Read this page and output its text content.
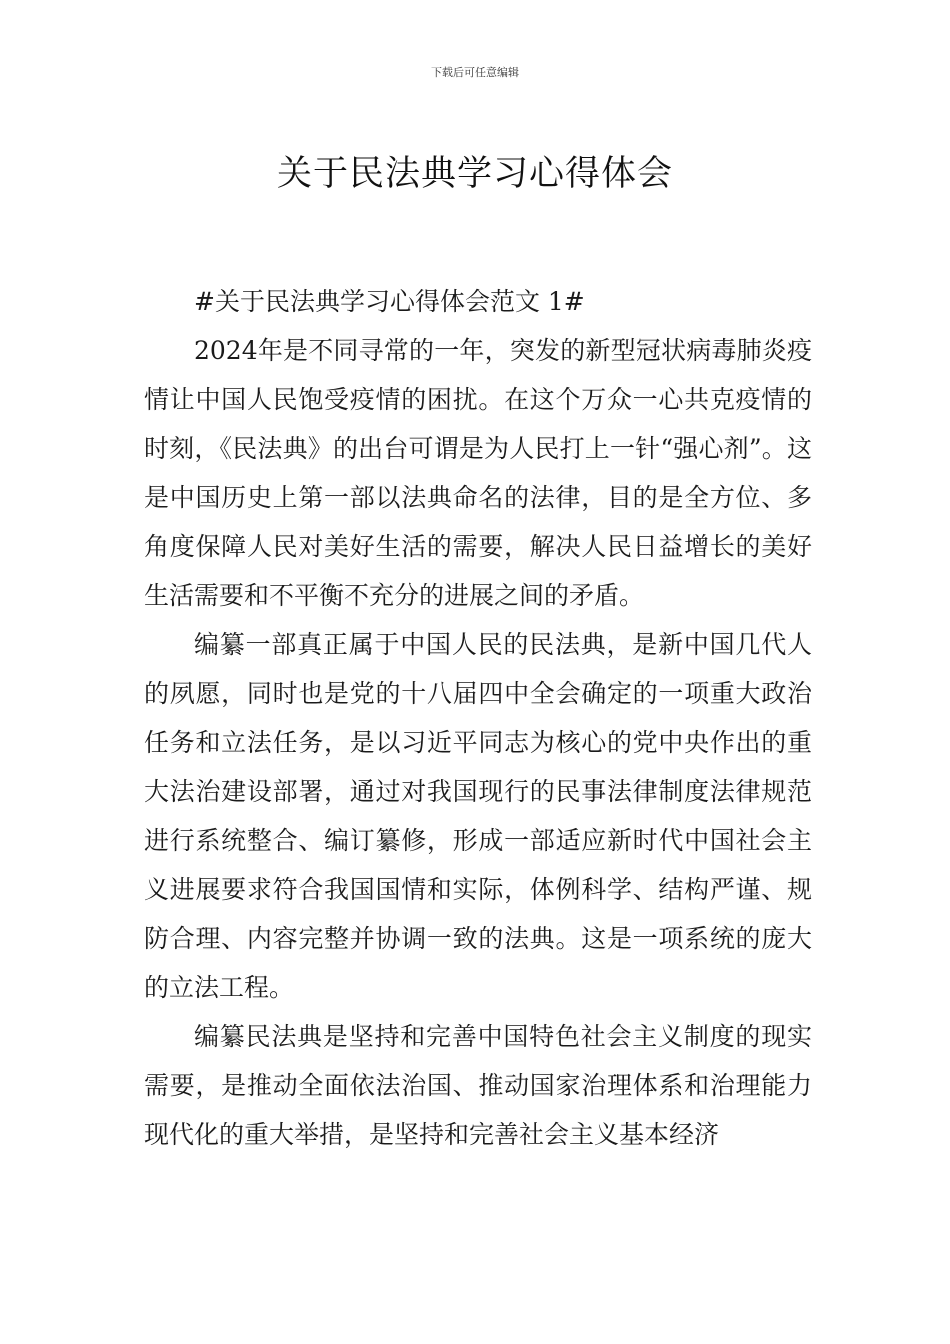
下载后可任意编辑
关于民法典学习心得体会

#关于民法典学习心得体会范文 1#

2024年是不同寻常的一年，突发的新型冠状病毒肺炎疫情让中国人民饱受疫情的困扰。在这个万众一心共克疫情的时刻，《民法典》的出台可谓是为人民打上一针“强心剂”。这是中国历史上第一部以法典命名的法律，目的是全方位、多角度保障人民对美好生活的需要，解决人民日益增长的美好生活需要和不平衡不充分的进展之间的矛盾。

编纂一部真正属于中国人民的民法典，是新中国几代人的夙愿，同时也是党的十八届四中全会确定的一项重大政治任务和立法任务，是以习近平同志为核心的党中央作出的重大法治建设部署，通过对我国现行的民事法律制度法律规范进行系统整合、编订纂修，形成一部适应新时代中国社会主义进展要求符合我国国情和实际，体例科学、结构严谨、规防合理、内容完整并协调一致的法典。这是一项系统的庞大的立法工程。

编纂民法典是坚持和完善中国特色社会主义制度的现实需要，是推动全面依法治国、推动国家治理体系和治理能力现代化的重大举措，是坚持和完善社会主义基本经济
